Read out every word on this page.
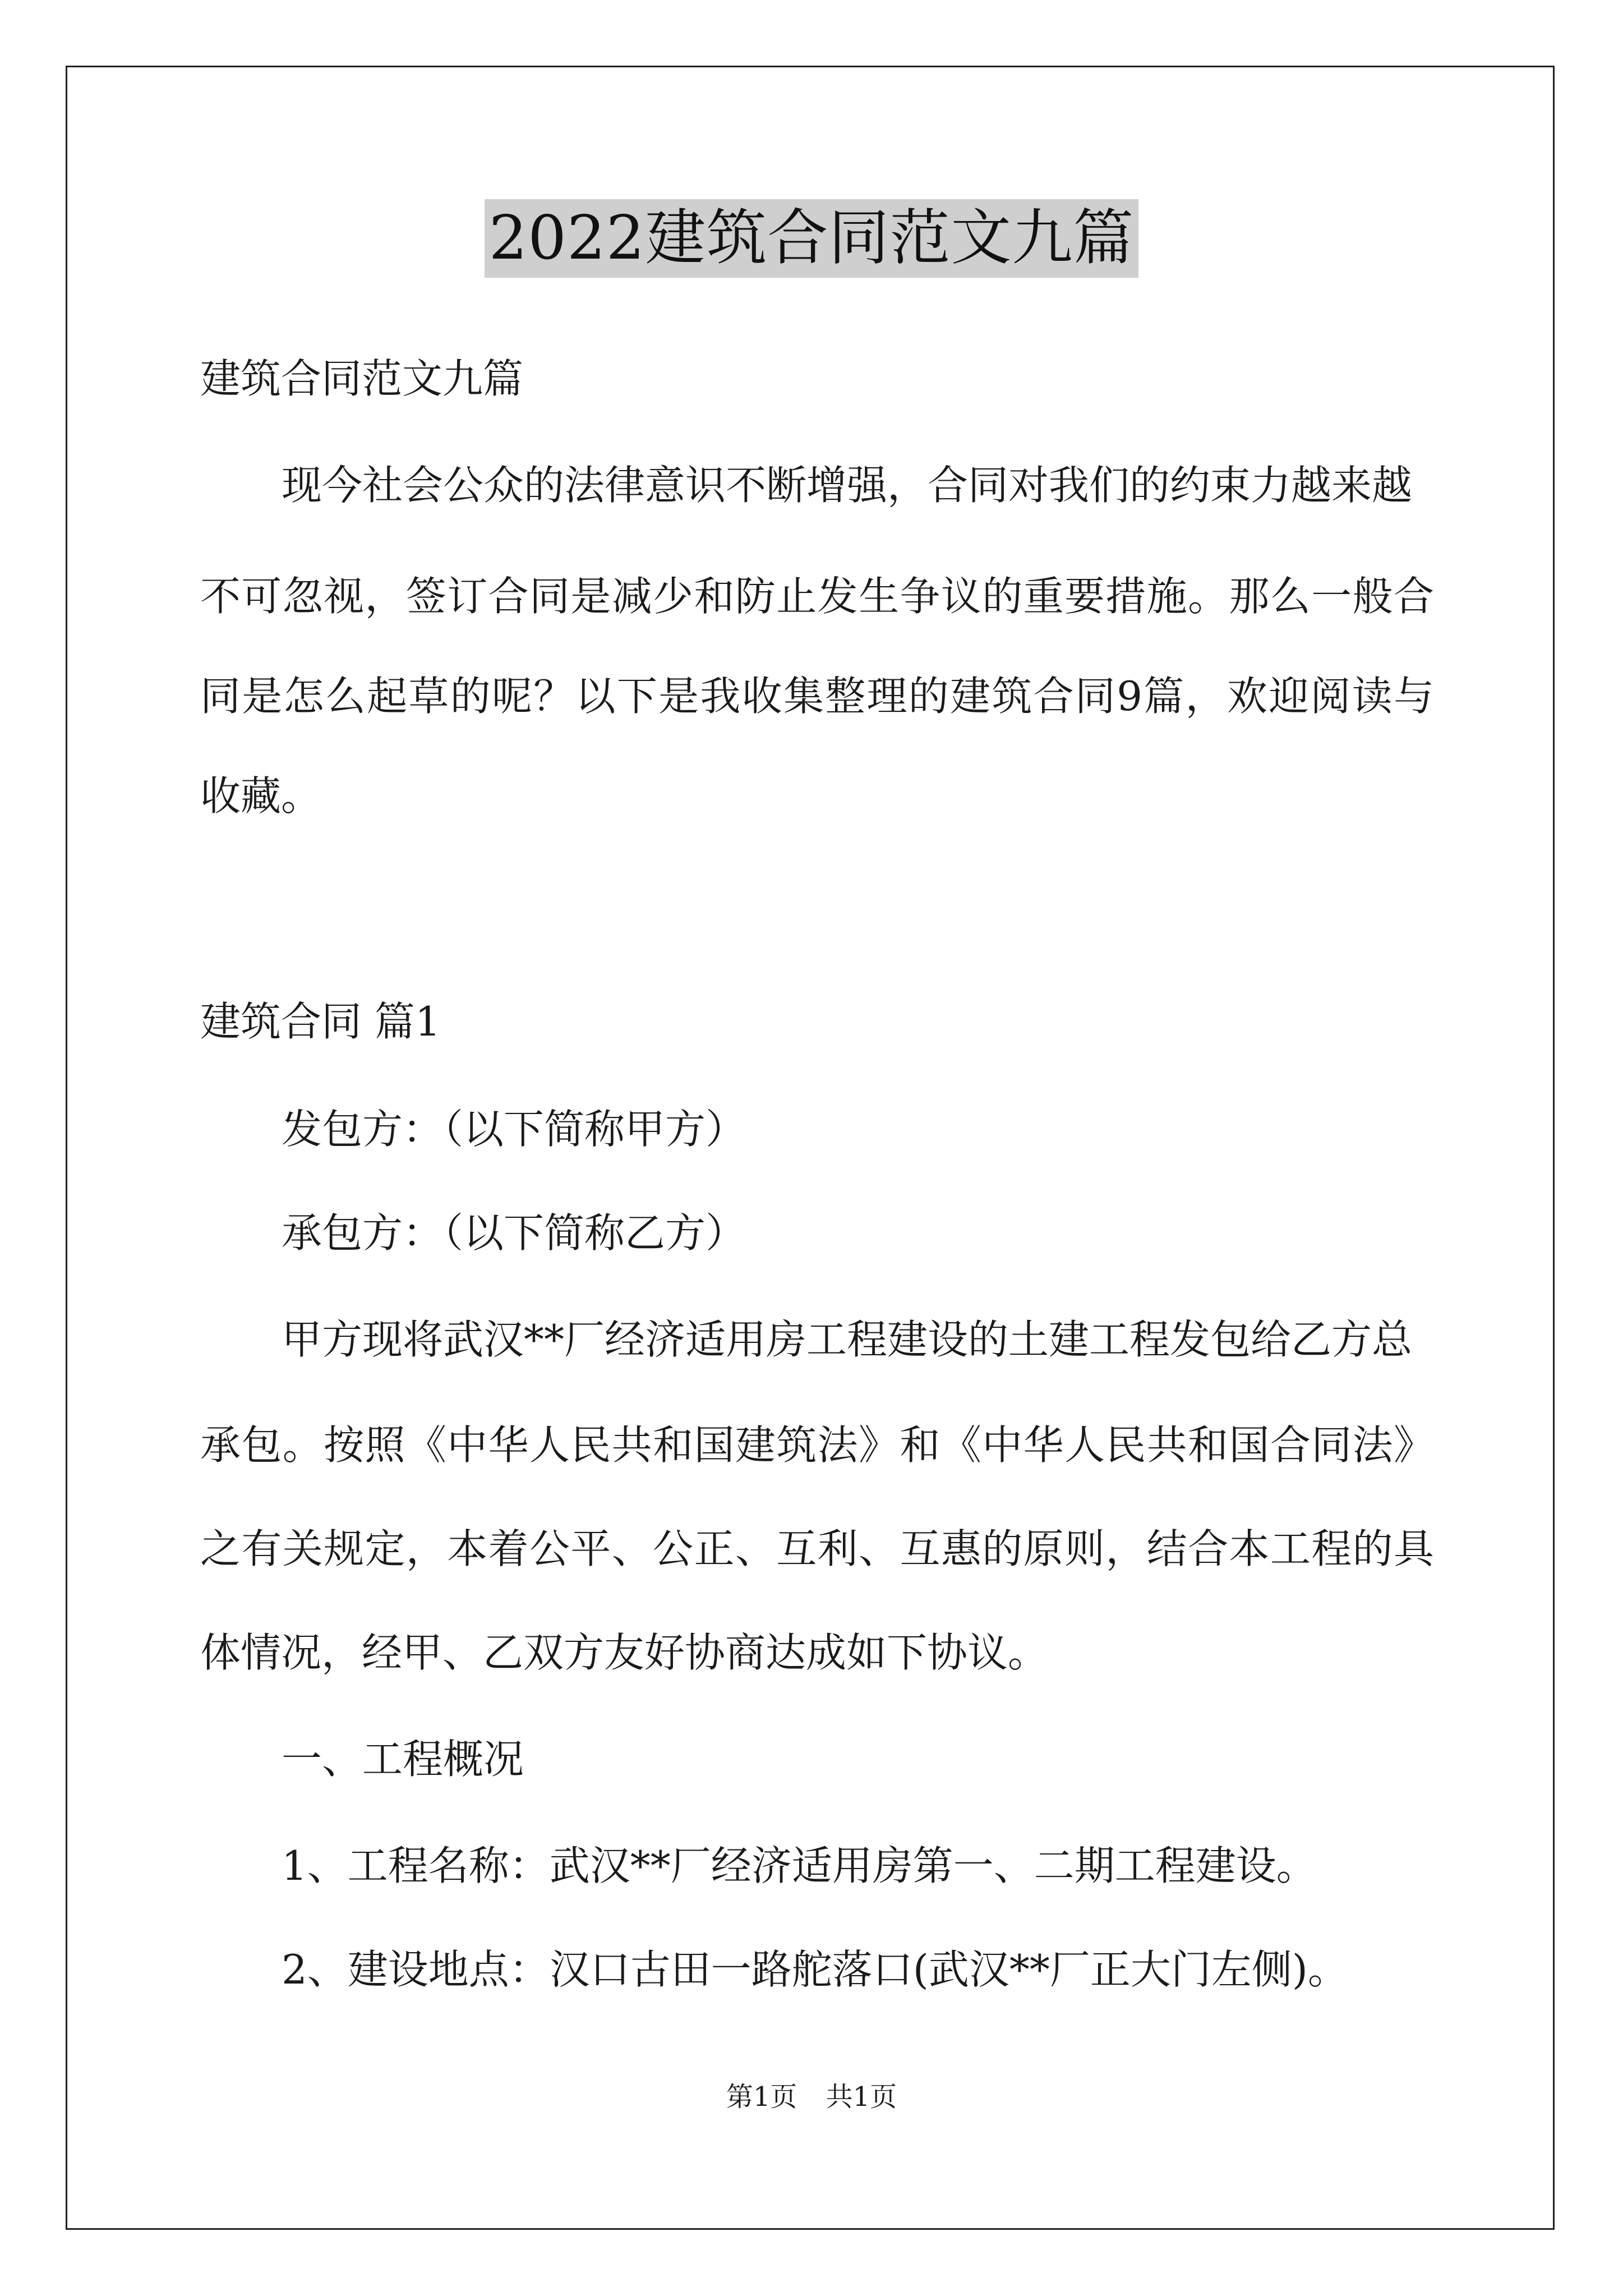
2022建筑合同范文九篇
建筑合同范文九篇
现今社会公众的法律意识不断增强，合同对我们的约束力越来越
不可忽视，签订合同是减少和防止发生争议的重要措施。那么一般合
同是怎么起草的呢？以下是我收集整理的建筑合同9篇，欢迎阅读与
收藏。
建筑合同 篇1
发包方：（以下简称甲方）
承包方：（以下简称乙方）
甲方现将武汉**厂经济适用房工程建设的土建工程发包给乙方总
承包。按照《中华人民共和国建筑法》和《中华人民共和国合同法》
之有关规定，本着公平、公正、互利、互惠的原则，结合本工程的具
体情况，经甲、乙双方友好协商达成如下协议。
一、工程概况
1、工程名称：武汉**厂经济适用房第一、二期工程建设。
2、建设地点：汉口古田一路舵落口(武汉**厂正大门左侧)。
第1页 共1页
